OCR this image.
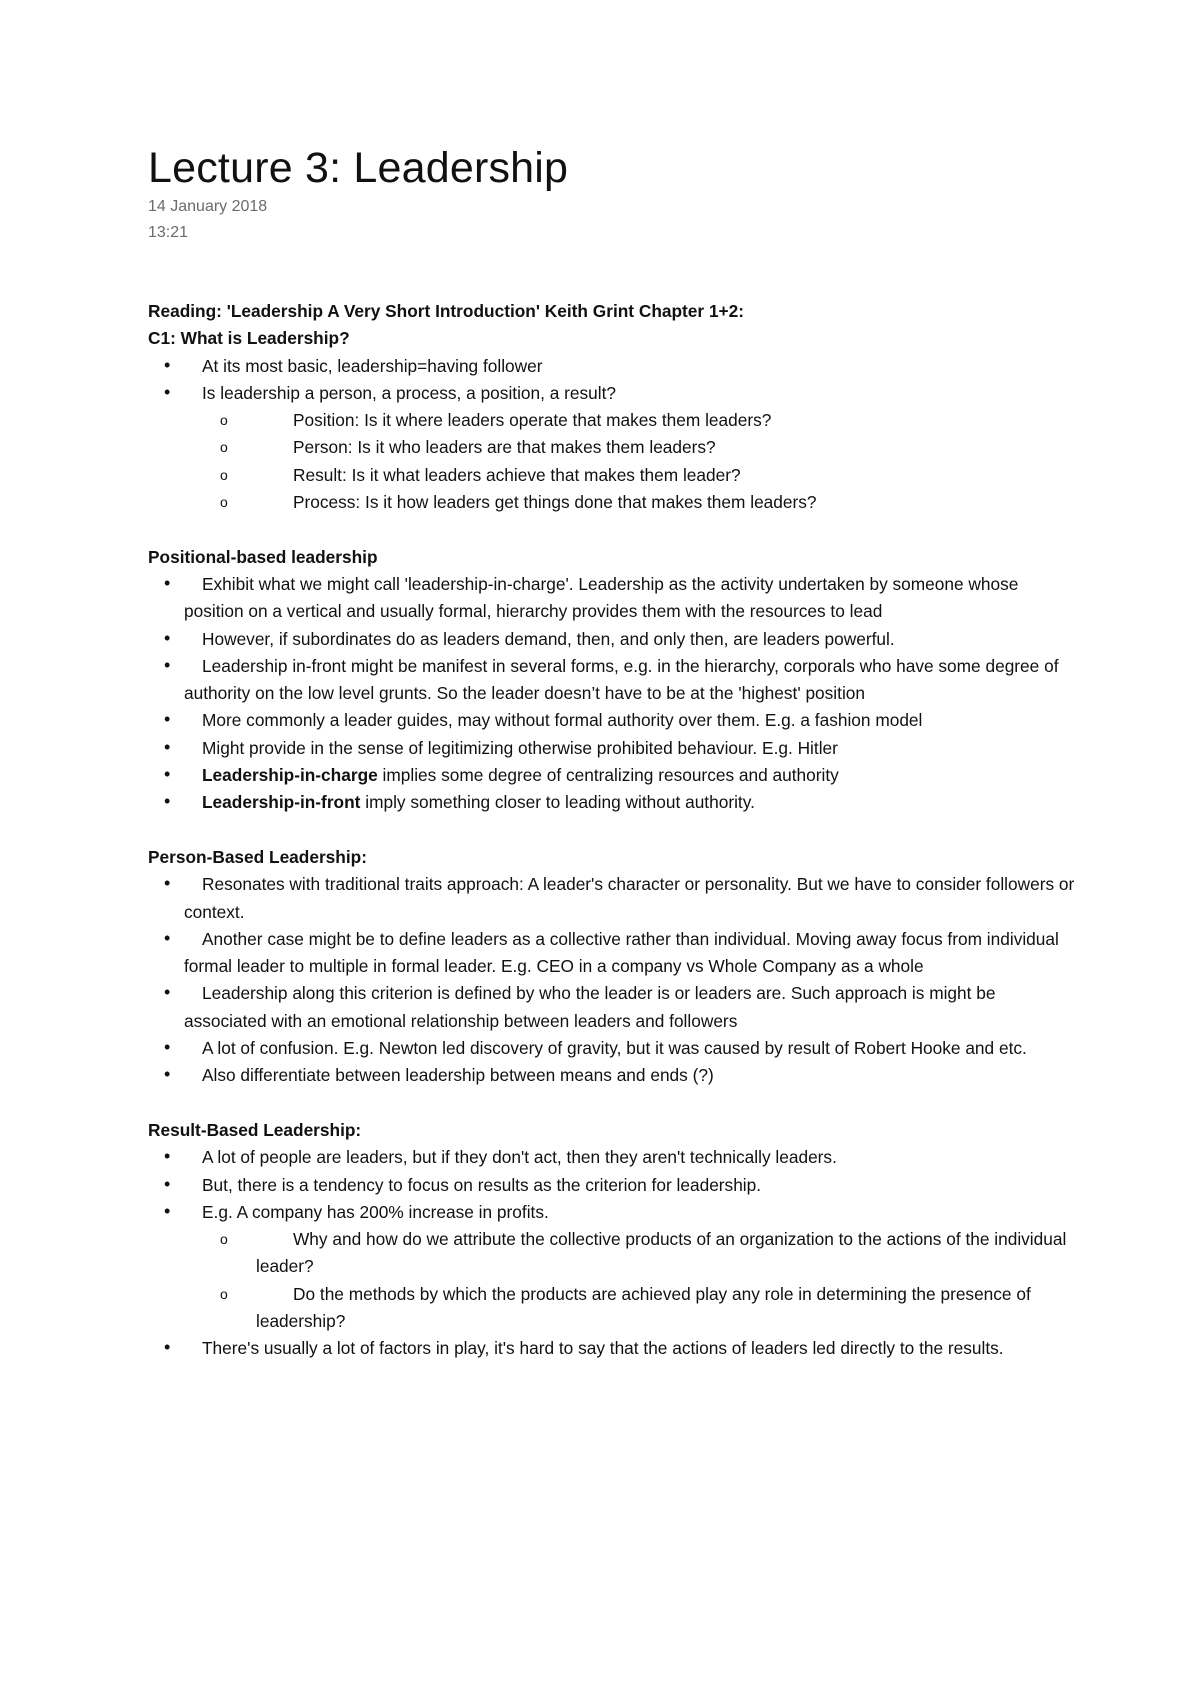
Lecture 3: Leadership
14 January 2018
13:21

Reading: 'Leadership A Very Short Introduction' Keith Grint Chapter 1+2:

C1: What is Leadership?

• At its most basic, leadership=having follower
• Is leadership a person, a process, a position, a result?
o	Position: Is it where leaders operate that makes them leaders?
o	Person: Is it who leaders are that makes them leaders?
o	Result: Is it what leaders achieve that makes them leader?
o	Process: Is it how leaders get things done that makes them leaders?

Positional-based leadership

•	Exhibit what we might call 'leadership-in-charge'. Leadership as the activity undertaken by someone whose position on a vertical and usually formal, hierarchy provides them with the resources to lead
•	However, if subordinates do as leaders demand, then, and only then, are leaders powerful.
•	Leadership in-front might be manifest in several forms, e.g. in the hierarchy, corporals who have some degree of authority on the low level grunts. So the leader doesn’t have to be at the 'highest' position
•	More commonly a leader guides, may without formal authority over them. E.g. a fashion model
•	Might provide in the sense of legitimizing otherwise prohibited behaviour. E.g. Hitler
•	Leadership-in-charge implies some degree of centralizing resources and authority
•	Leadership-in-front imply something closer to leading without authority.

Person-Based Leadership:

•	Resonates with traditional traits approach: A leader's character or personality. But we have to consider followers or context.
•	Another case might be to define leaders as a collective rather than individual. Moving away focus from individual formal leader to multiple in formal leader. E.g. CEO in a company vs Whole Company as a whole
•	Leadership along this criterion is defined by who the leader is or leaders are. Such approach is might be associated with an emotional relationship between leaders and followers
•	A lot of confusion. E.g. Newton led discovery of gravity, but it was caused by result of Robert Hooke and etc.
•	Also differentiate between leadership between means and ends (?)

Result-Based Leadership:

•	A lot of people are leaders, but if they don't act, then they aren't technically leaders.
•	But, there is a tendency to focus on results as the criterion for leadership.
•	E.g. A company has 200% increase in profits.
o	Why and how do we attribute the collective products of an organization to the actions of the individual leader?
o	Do the methods by which the products are achieved play any role in determining the presence of leadership?
•	There's usually a lot of factors in play, it's hard to say that the actions of leaders led directly to the results.
